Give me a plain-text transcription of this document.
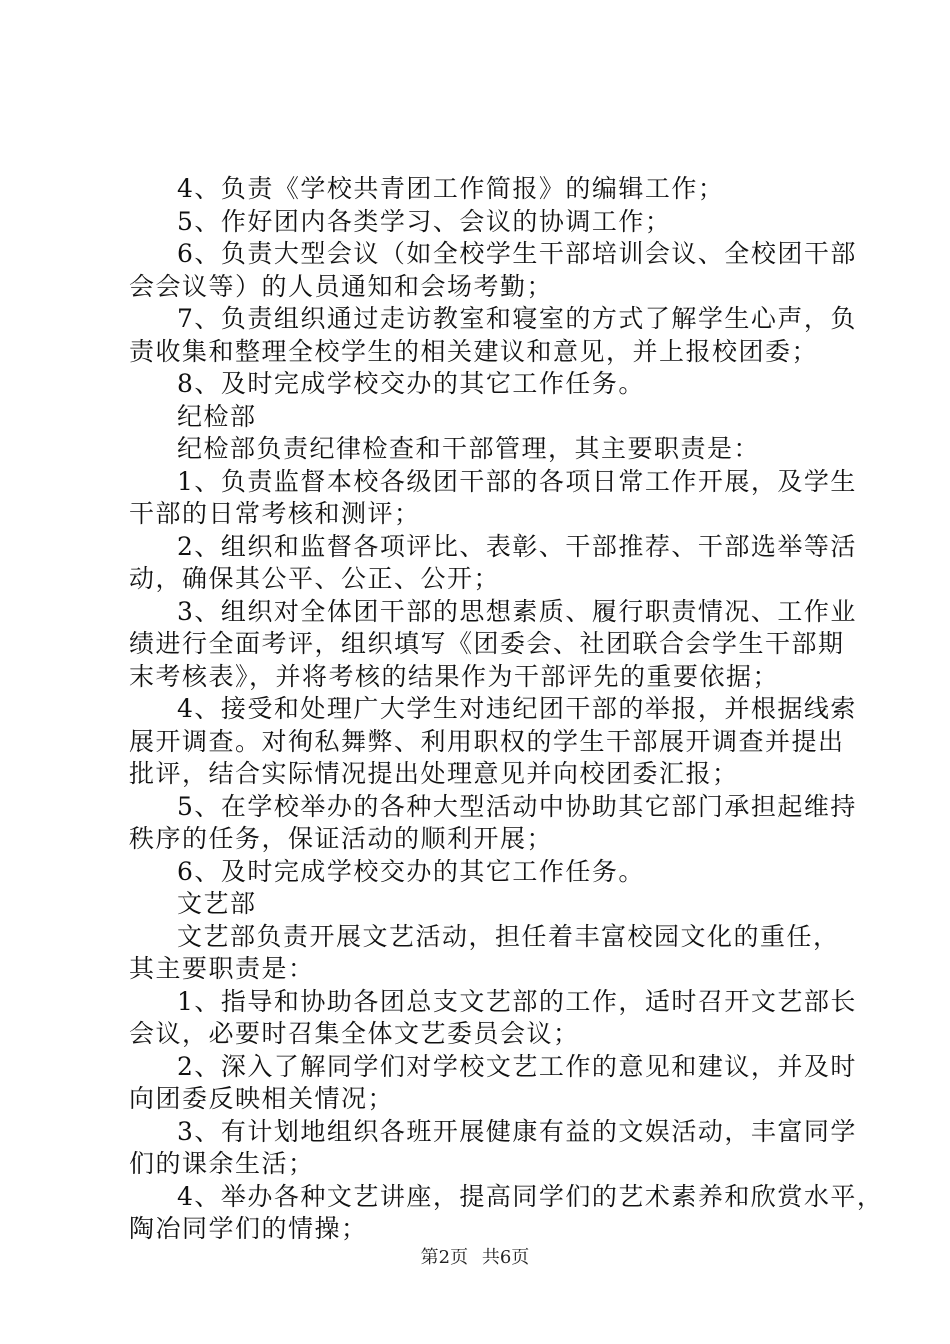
4、负责《学校共青团工作简报》的编辑工作；
5、作好团内各类学习、会议的协调工作；
6、负责大型会议（如全校学生干部培训会议、全校团干部
会会议等）的人员通知和会场考勤；
7、负责组织通过走访教室和寝室的方式了解学生心声，负
责收集和整理全校学生的相关建议和意见，并上报校团委；
8、及时完成学校交办的其它工作任务。
纪检部
纪检部负责纪律检查和干部管理，其主要职责是：
1、负责监督本校各级团干部的各项日常工作开展，及学生
干部的日常考核和测评；
2、组织和监督各项评比、表彰、干部推荐、干部选举等活
动，确保其公平、公正、公开；
3、组织对全体团干部的思想素质、履行职责情况、工作业
绩进行全面考评，组织填写《团委会、社团联合会学生干部期
末考核表》，并将考核的结果作为干部评先的重要依据；
4、接受和处理广大学生对违纪团干部的举报，并根据线索
展开调查。对徇私舞弊、利用职权的学生干部展开调查并提出
批评，结合实际情况提出处理意见并向校团委汇报；
5、在学校举办的各种大型活动中协助其它部门承担起维持
秩序的任务，保证活动的顺利开展；
6、及时完成学校交办的其它工作任务。
文艺部
文艺部负责开展文艺活动，担任着丰富校园文化的重任，
其主要职责是：
1、指导和协助各团总支文艺部的工作，适时召开文艺部长
会议，必要时召集全体文艺委员会议；
2、深入了解同学们对学校文艺工作的意见和建议，并及时
向团委反映相关情况；
3、有计划地组织各班开展健康有益的文娱活动，丰富同学
们的课余生活；
4、举办各种文艺讲座，提高同学们的艺术素养和欣赏水平，
陶冶同学们的情操；
第2页 共6页
